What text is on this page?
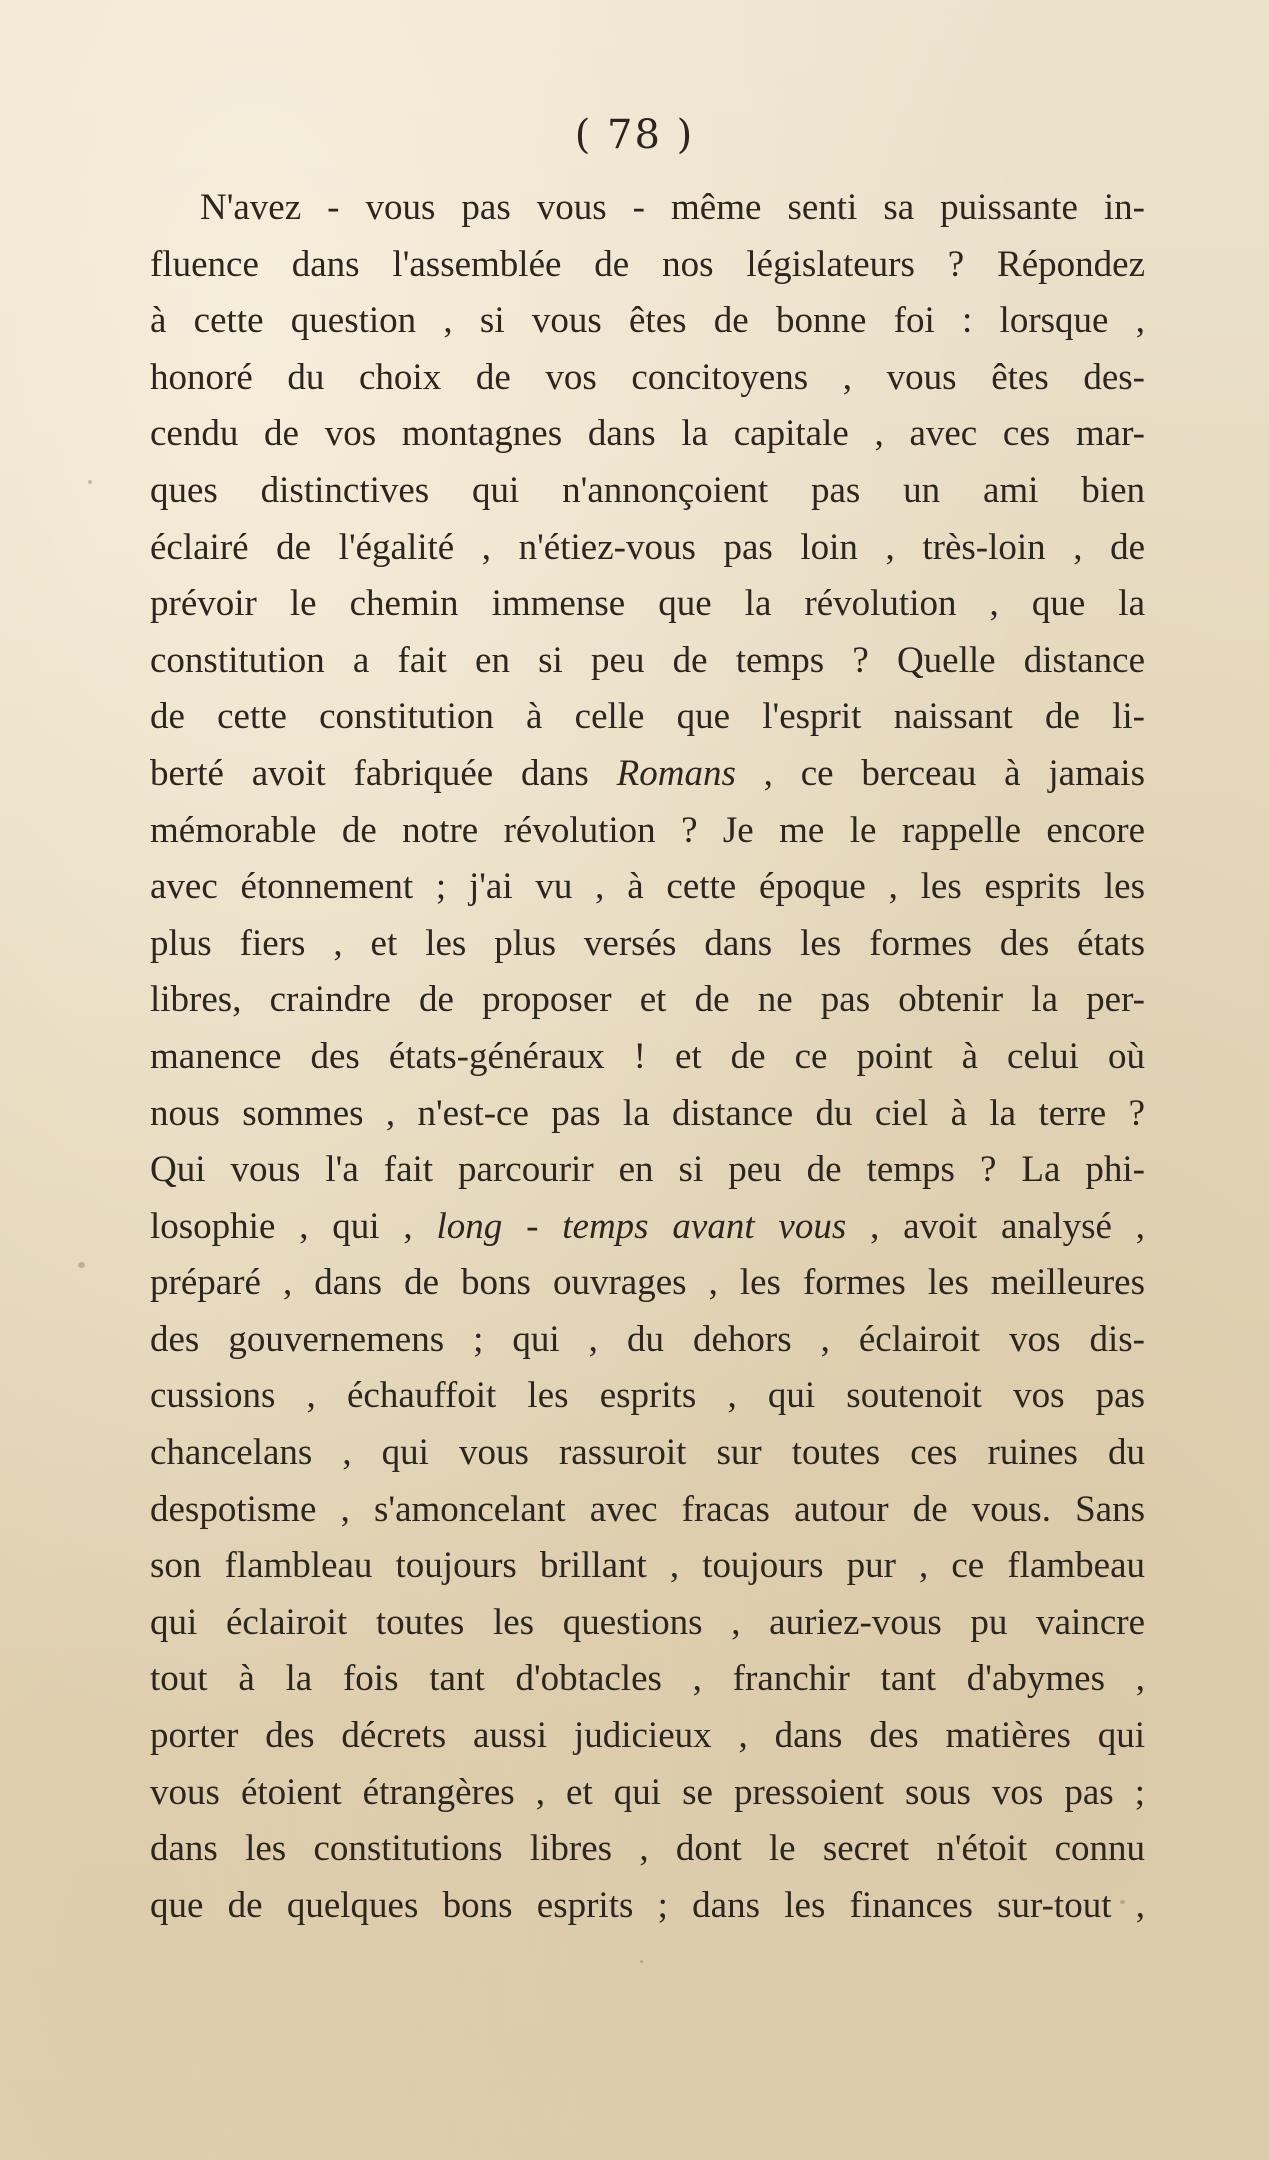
( 78 )
N'avez - vous pas vous - même senti sa puissante in-
fluence dans l'assemblée de nos législateurs ? Répondez
à cette question , si vous êtes de bonne foi : lorsque ,
honoré du choix de vos concitoyens , vous êtes des-
cendu de vos montagnes dans la capitale , avec ces mar-
ques distinctives qui n'annonçoient pas un ami bien
éclairé de l'égalité , n'étiez-vous pas loin , très-loin , de
prévoir le chemin immense que la révolution , que la
constitution a fait en si peu de temps ? Quelle distance
de cette constitution à celle que l'esprit naissant de li-
berté avoit fabriquée dans Romans , ce berceau à jamais
mémorable de notre révolution ? Je me le rappelle encore
avec étonnement ; j'ai vu , à cette époque , les esprits les
plus fiers , et les plus versés dans les formes des états
libres, craindre de proposer et de ne pas obtenir la per-
manence des états-généraux ! et de ce point à celui où
nous sommes , n'est-ce pas la distance du ciel à la terre ?
Qui vous l'a fait parcourir en si peu de temps ? La phi-
losophie , qui , long - temps avant vous , avoit analysé ,
préparé , dans de bons ouvrages , les formes les meilleures
des gouvernemens ; qui , du dehors , éclairoit vos dis-
cussions , échauffoit les esprits , qui soutenoit vos pas
chancelans , qui vous rassuroit sur toutes ces ruines du
despotisme , s'amoncelant avec fracas autour de vous. Sans
son flambleau toujours brillant , toujours pur , ce flambeau
qui éclairoit toutes les questions , auriez-vous pu vaincre
tout à la fois tant d'obtacles , franchir tant d'abymes ,
porter des décrets aussi judicieux , dans des matières qui
vous étoient étrangères , et qui se pressoient sous vos pas ;
dans les constitutions libres , dont le secret n'étoit connu
que de quelques bons esprits ; dans les finances sur-tout ,
